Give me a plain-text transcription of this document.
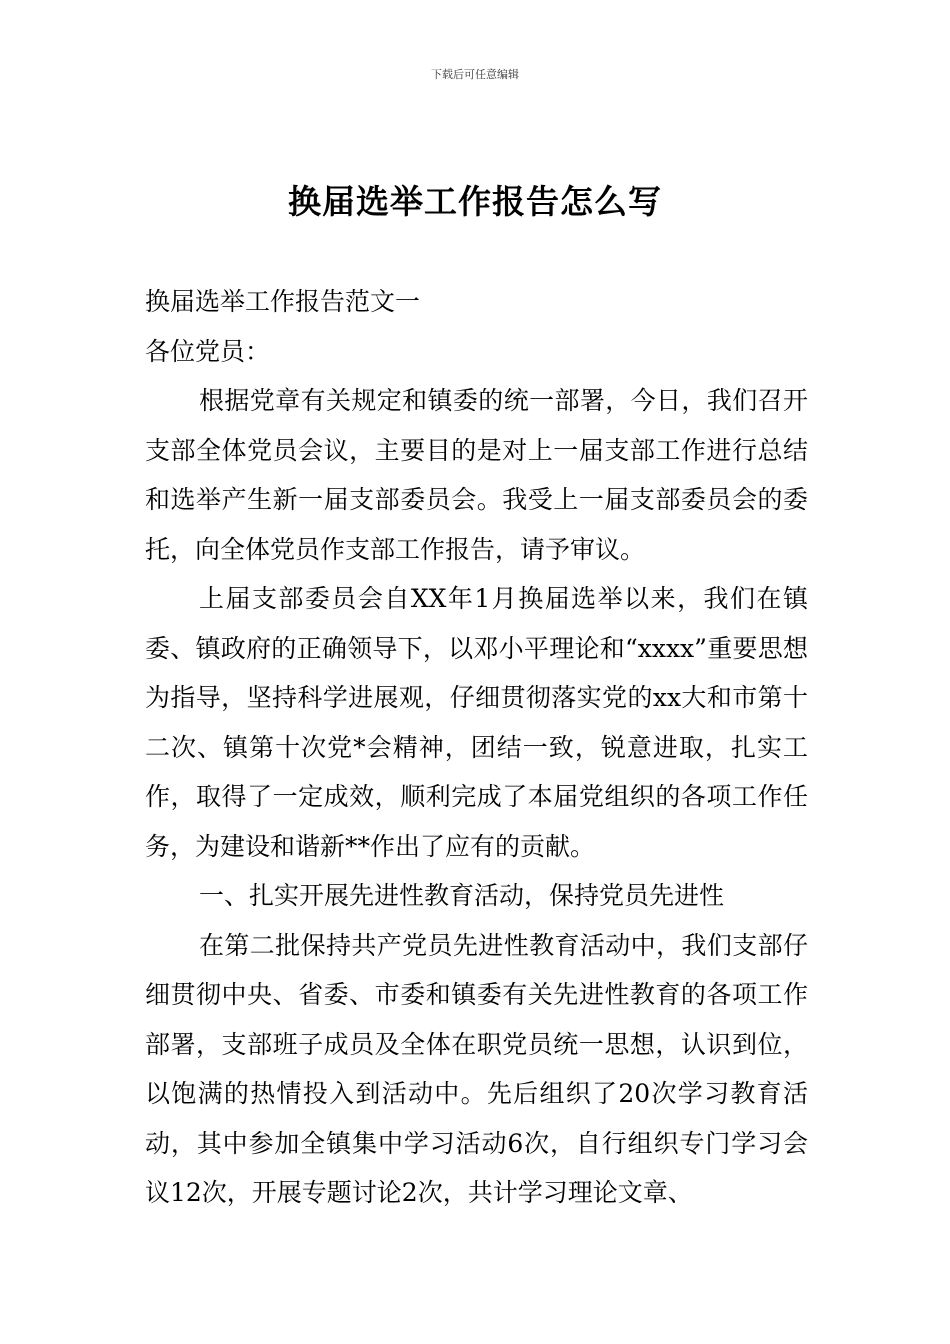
下载后可任意编辑
换届选举工作报告怎么写

换届选举工作报告范文一

各位党员：

根据党章有关规定和镇委的统一部署，今日，我们召开支部全体党员会议，主要目的是对上一届支部工作进行总结和选举产生新一届支部委员会。我受上一届支部委员会的委托，向全体党员作支部工作报告，请予审议。

上届支部委员会自XX年1月换届选举以来，我们在镇委、镇政府的正确领导下，以邓小平理论和“xxxx”重要思想为指导，坚持科学进展观，仔细贯彻落实党的xx大和市第十二次、镇第十次党*会精神，团结一致，锐意进取，扎实工作，取得了一定成效，顺利完成了本届党组织的各项工作任务，为建设和谐新**作出了应有的贡献。

一、扎实开展先进性教育活动，保持党员先进性

在第二批保持共产党员先进性教育活动中，我们支部仔细贯彻中央、省委、市委和镇委有关先进性教育的各项工作部署，支部班子成员及全体在职党员统一思想，认识到位，以饱满的热情投入到活动中。先后组织了20次学习教育活动，其中参加全镇集中学习活动6次，自行组织专门学习会议12次，开展专题讨论2次，共计学习理论文章、
